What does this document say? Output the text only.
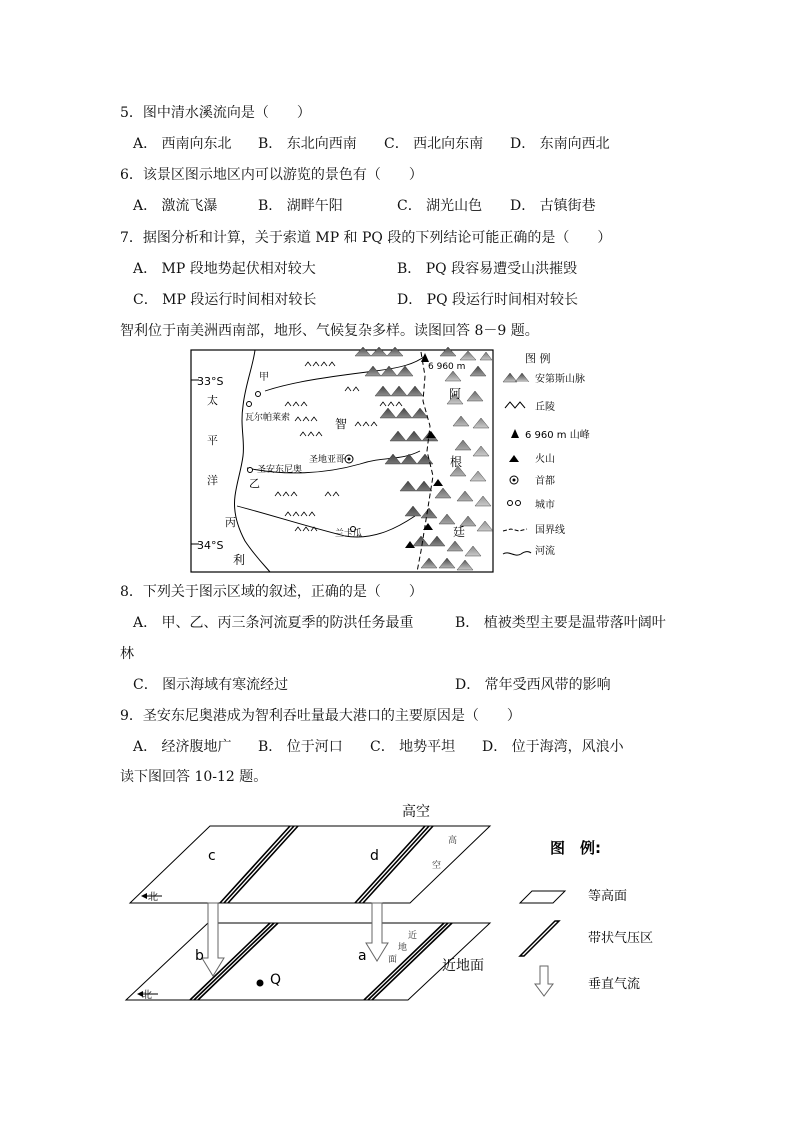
5．图中清水溪流向是（　　）
A． 西南向东北 B． 东北向西南 C． 西北向东南 D． 东南向西北
6．该景区图示地区内可以游览的景色有（　　）
A． 激流飞瀑	B． 湖畔午阳	C． 湖光山色 D． 古镇街巷
7．据图分析和计算，关于索道 MP 和 PQ 段的下列结论可能正确的是（　　）
A． MP 段地势起伏相对较大	B． PQ 段容易遭受山洪摧毁
C． MP 段运行时间相对较长	D． PQ 段运行时间相对较长
智利位于南美洲西南部，地形、气候复杂多样。读图回答 8－9 题。
33°S
34°S
6 960 m
甲
瓦尔帕莱索
圣地亚哥
圣安东尼奥
兰卡瓜
乙
丙
太
平
洋
智
利
阿
根
廷
图 例
安第斯山脉
丘陵
6 960 m 山峰
火山
首都
城市
国界线
河流
8．下列关于图示区域的叙述，正确的是（　　）
A． 甲、乙、丙三条河流夏季的防洪任务最重	B． 植被类型主要是温带落叶阔叶
林
C． 图示海域有寒流经过	D． 常年受西风带的影响
9．圣安东尼奥港成为智利吞吐量最大港口的主要原因是（　　）
A． 经济腹地广 B． 位于河口 C． 地势平坦 D． 位于海湾，风浪小
读下图回答 10-12 题。
北
北
c	d
b	a
Q
高
空
近
地
面
高空
近地面
图　例:
等高面
带状气压区
垂直气流
